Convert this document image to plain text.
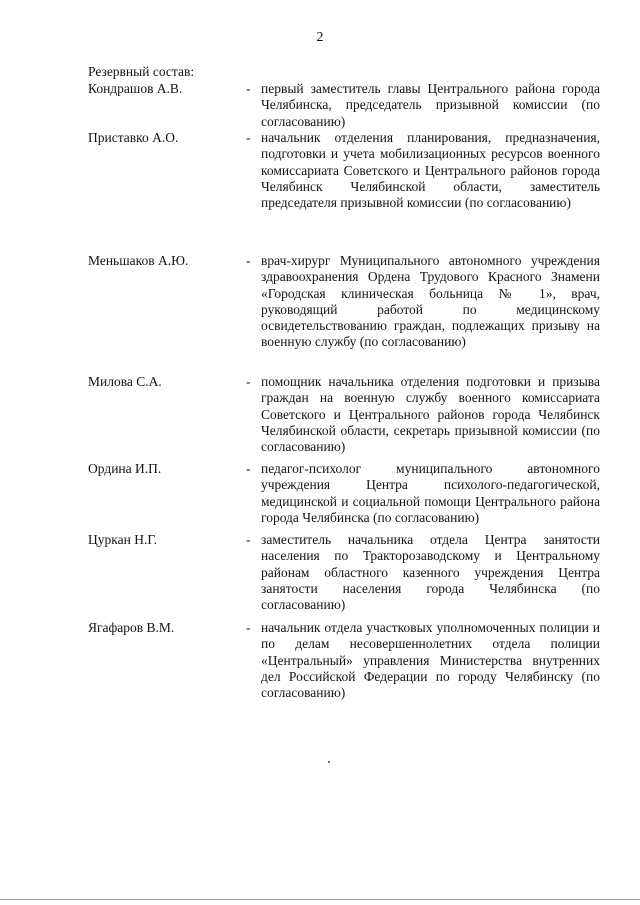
2
Резервный состав:
Кондрашов А.В.	- первый заместитель главы Центрального района города Челябинска, председатель призывной комиссии (по согласованию)
Приставко А.О.	- начальник отделения планирования, предназначения, подготовки и учета мобилизационных ресурсов военного комиссариата Советского и Центрального районов города Челябинск Челябинской области, заместитель председателя призывной комиссии (по согласованию)
Меньшаков А.Ю.	- врач-хирург Муниципального автономного учреждения здравоохранения Ордена Трудового Красного Знамени «Городская клиническая больница № 1», врач, руководящий работой по медицинскому освидетельствованию граждан, подлежащих призыву на военную службу (по согласованию)
Милова С.А.	- помощник начальника отделения подготовки и призыва граждан на военную службу военного комиссариата Советского и Центрального районов города Челябинск Челябинской области, секретарь призывной комиссии (по согласованию)
Ордина И.П.	- педагог-психолог муниципального автономного учреждения Центра психолого-педагогической, медицинской и социальной помощи Центрального района города Челябинска (по согласованию)
Цуркан Н.Г.	- заместитель начальника отдела Центра занятости населения по Тракторозаводскому и Центральному районам областного казенного учреждения Центра занятости населения города Челябинска (по согласованию)
Ягафаров В.М.	- начальник отдела участковых уполномоченных полиции и по делам несовершеннолетних отдела полиции «Центральный» управления Министерства внутренних дел Российской Федерации по городу Челябинску (по согласованию)
